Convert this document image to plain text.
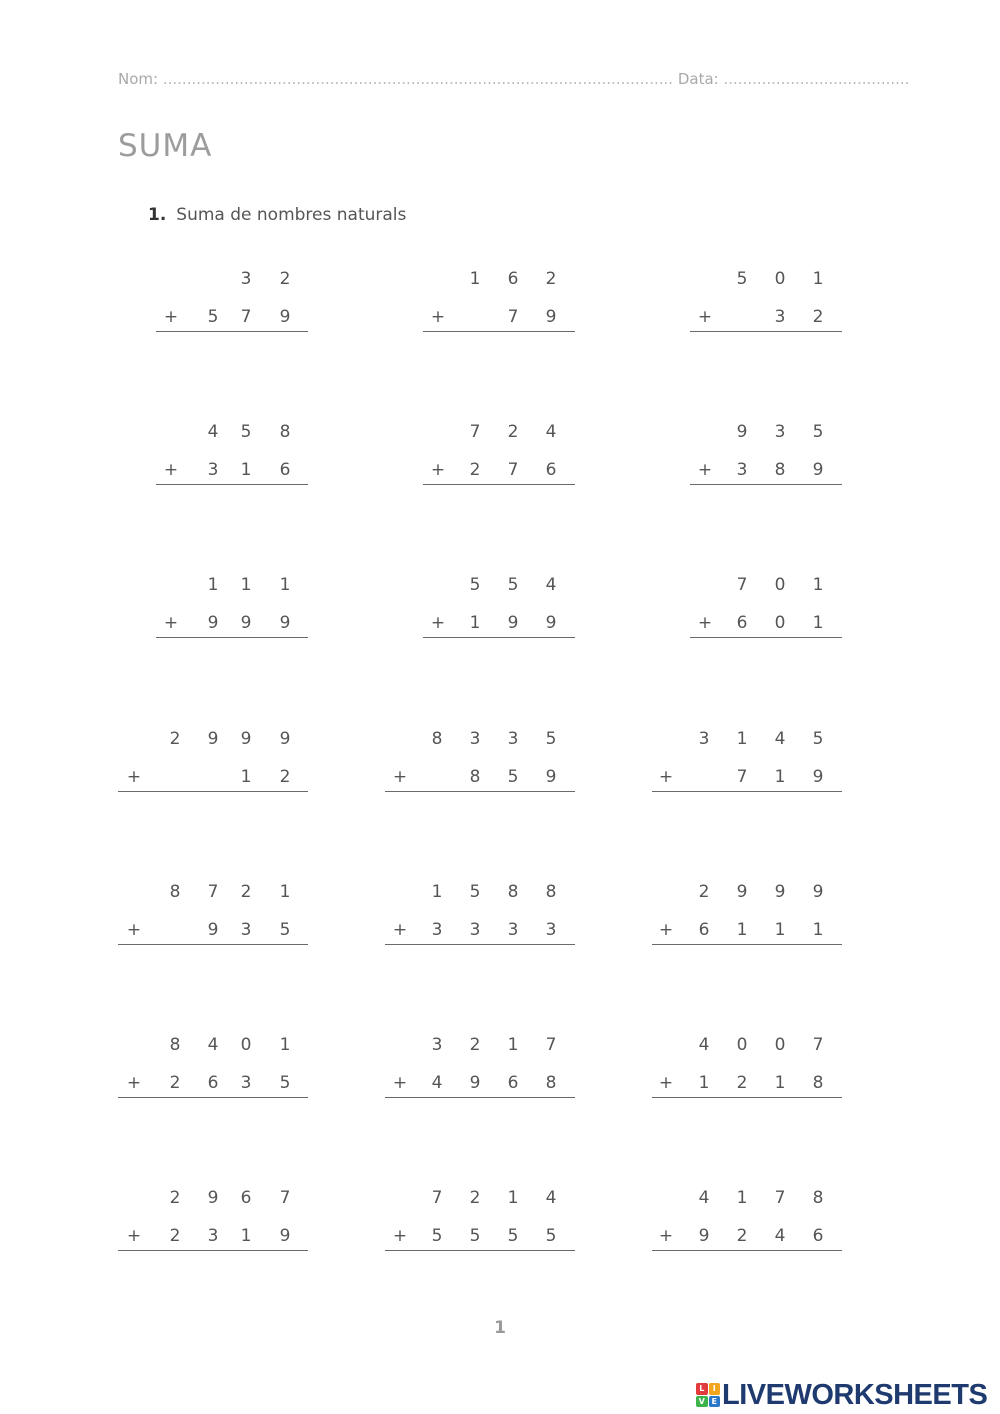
Nom: ........................................................................................................... Data: .......................................
SUMA
1. Suma de nombres naturals
3 2
5 7 9
+
1 6 2
7 9
+
5 0 1
3 2
+
4 5 8
3 1 6
+
7 2 4
2 7 6
+
9 3 5
3 8 9
+
1 1 1
9 9 9
+
5 5 4
1 9 9
+
7 0 1
6 0 1
+
2 9 9 9
1 2
+
8 3 3 5
8 5 9
+
3 1 4 5
7 1 9
+
8 7 2 1
9 3 5
+
1 5 8 8
3 3 3 3
+
2 9 9 9
6 1 1 1
+
8 4 0 1
2 6 3 5
+
3 2 1 7
4 9 6 8
+
4 0 0 7
1 2 1 8
+
2 9 6 7
2 3 1 9
+
7 2 1 4
5 5 5 5
+
4 1 7 8
9 2 4 6
+
1
L	I
V E LIVEWORKSHEETS
